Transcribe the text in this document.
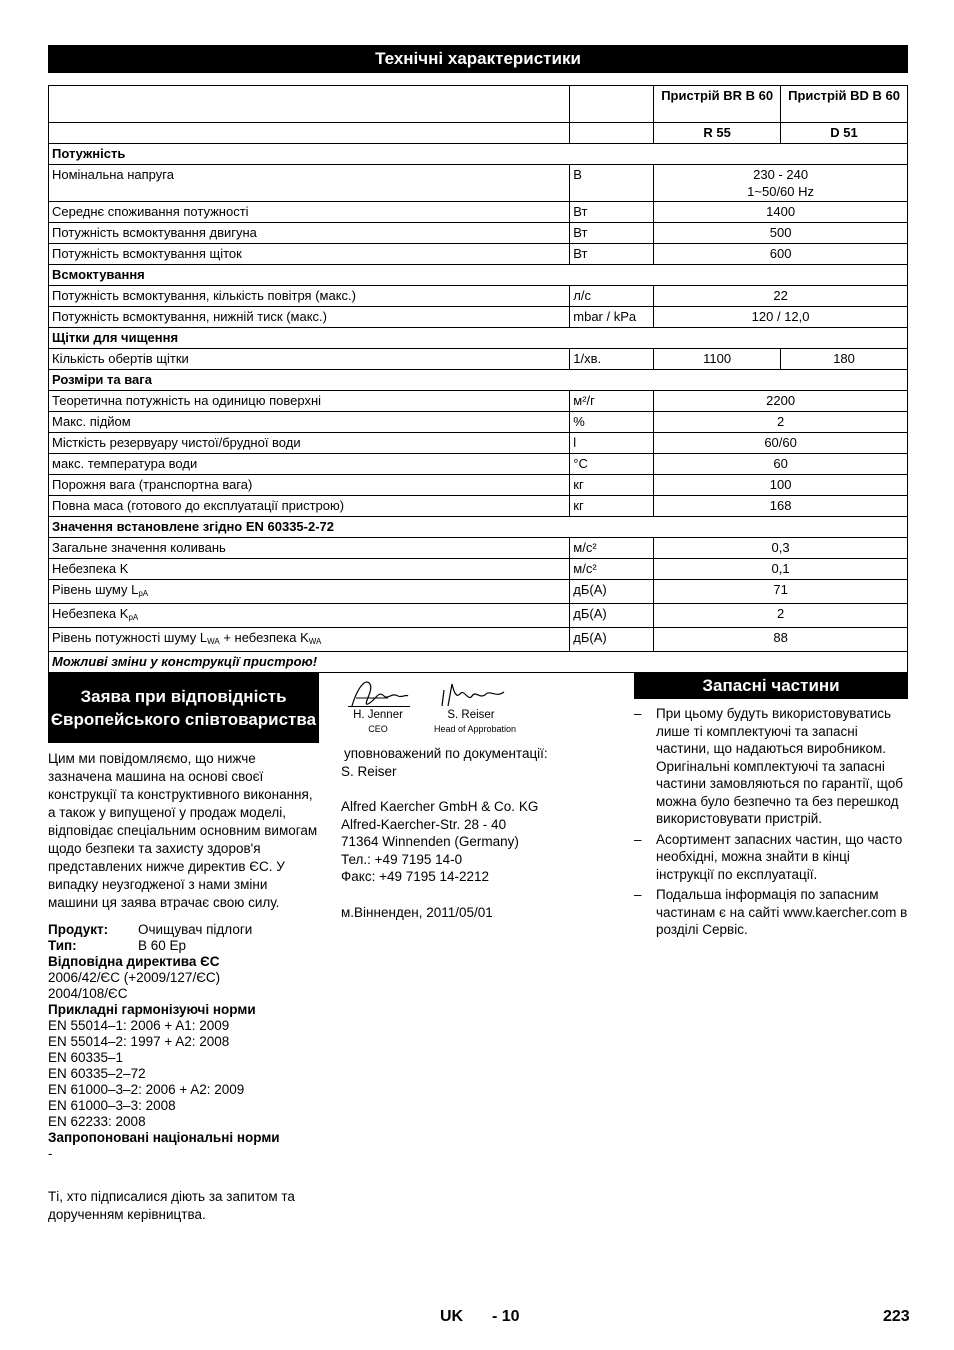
Технічні характеристики
		Пристрій BR B 60	Пристрій BD B 60
		R 55	D 51
Потужність			
Номінальна напруга	В	230 - 240
1~50/60 Hz	

Середнє споживання потужності	Вт	1400	
Потужність всмоктування двигуна	Вт	500	
Потужність всмоктування щіток	Вт	600	
Всмоктування			
Потужність всмоктування, кількість повітря (макс.)	л/с	22	
Потужність всмоктування, нижній тиск (макс.)	mbar / kPa	120 / 12,0	
Щітки для чищення			
Кількість обертів щітки	1/хв.	1100	180
Розміри та вага			
Теоретична потужність на одиницю поверхні	м²/г	2200	
Макс. підйом	%	2	
Місткість резервуару чистої/брудної води	l	60/60	
макс. температура води	°C	60	
Порожня вага (транспортна вага)	кг	100	
Повна маса (готового до експлуатації пристрою)	кг	168	
Значення встановлене згідно EN 60335-2-72			
Загальне значення коливань	м/с²	0,3	
Небезпека K	м/с²	0,1	
Рівень шуму $L_{pA}$	дБ(А)	71	
Небезпека $K_{pA}$	дБ(А)	2	
Рівень потужності шуму $L_{WA}$ + небезпека $K_{WA}$	дБ(А)	88	
Можливі зміни у конструкції пристрою!			
Заява при відповідність Європейського співтовариства

Цим ми повідомляємо, що нижче зазначена машина на основі своєї конструкції та конструктивного виконання, а також у випущеної у продаж моделі, відповідає спеціальним основним вимогам щодо безпеки та захисту здоров'я представлених нижче директив ЄС. У випадку неузгодженої з нами зміни машини ця заява втрачає свою силу.

Продукт:	Очищувач підлоги
Тип:	B 60 Ep
Відповідна директива ЄС
2006/42/ЄС (+2009/127/ЄС)
2004/108/ЄС
Прикладні гармонізуючі норми
EN 55014–1: 2006 + A1: 2009
EN 55014–2: 1997 + A2: 2008
EN 60335–1
EN 60335–2–72
EN 61000–3–2: 2006 + A2: 2009
EN 61000–3–3: 2008
EN 62233: 2008
Запропоновані національні норми
-

Ті, хто підписалися діють за запитом та дорученням керівництва.

H. Jenner
CEO
S. Reiser
Head of Approbation

уповноважений по документації:
S. Reiser

Alfred Kaercher GmbH & Co. KG
Alfred-Kaercher-Str. 28 - 40
71364 Winnenden (Germany)
Тел.: +49 7195 14-0
Факс: +49 7195 14-2212

м.Вінненден, 2011/05/01

Запасні частини
– При цьому будуть використовуватись лише ті комплектуючі та запасні частини, що надаються виробником. Оригінальні комплектуючі та запасні частини замовляються по гарантії, щоб можна було безпечно та без перешкод використовувати пристрій.
– Асортимент запасних частин, що часто необхідні, можна знайти в кінці інструкції по експлуатації.
– Подальша інформація по запасним частинам є на сайті www.kaercher.com в розділі Сервіс.
UK - 10	223
